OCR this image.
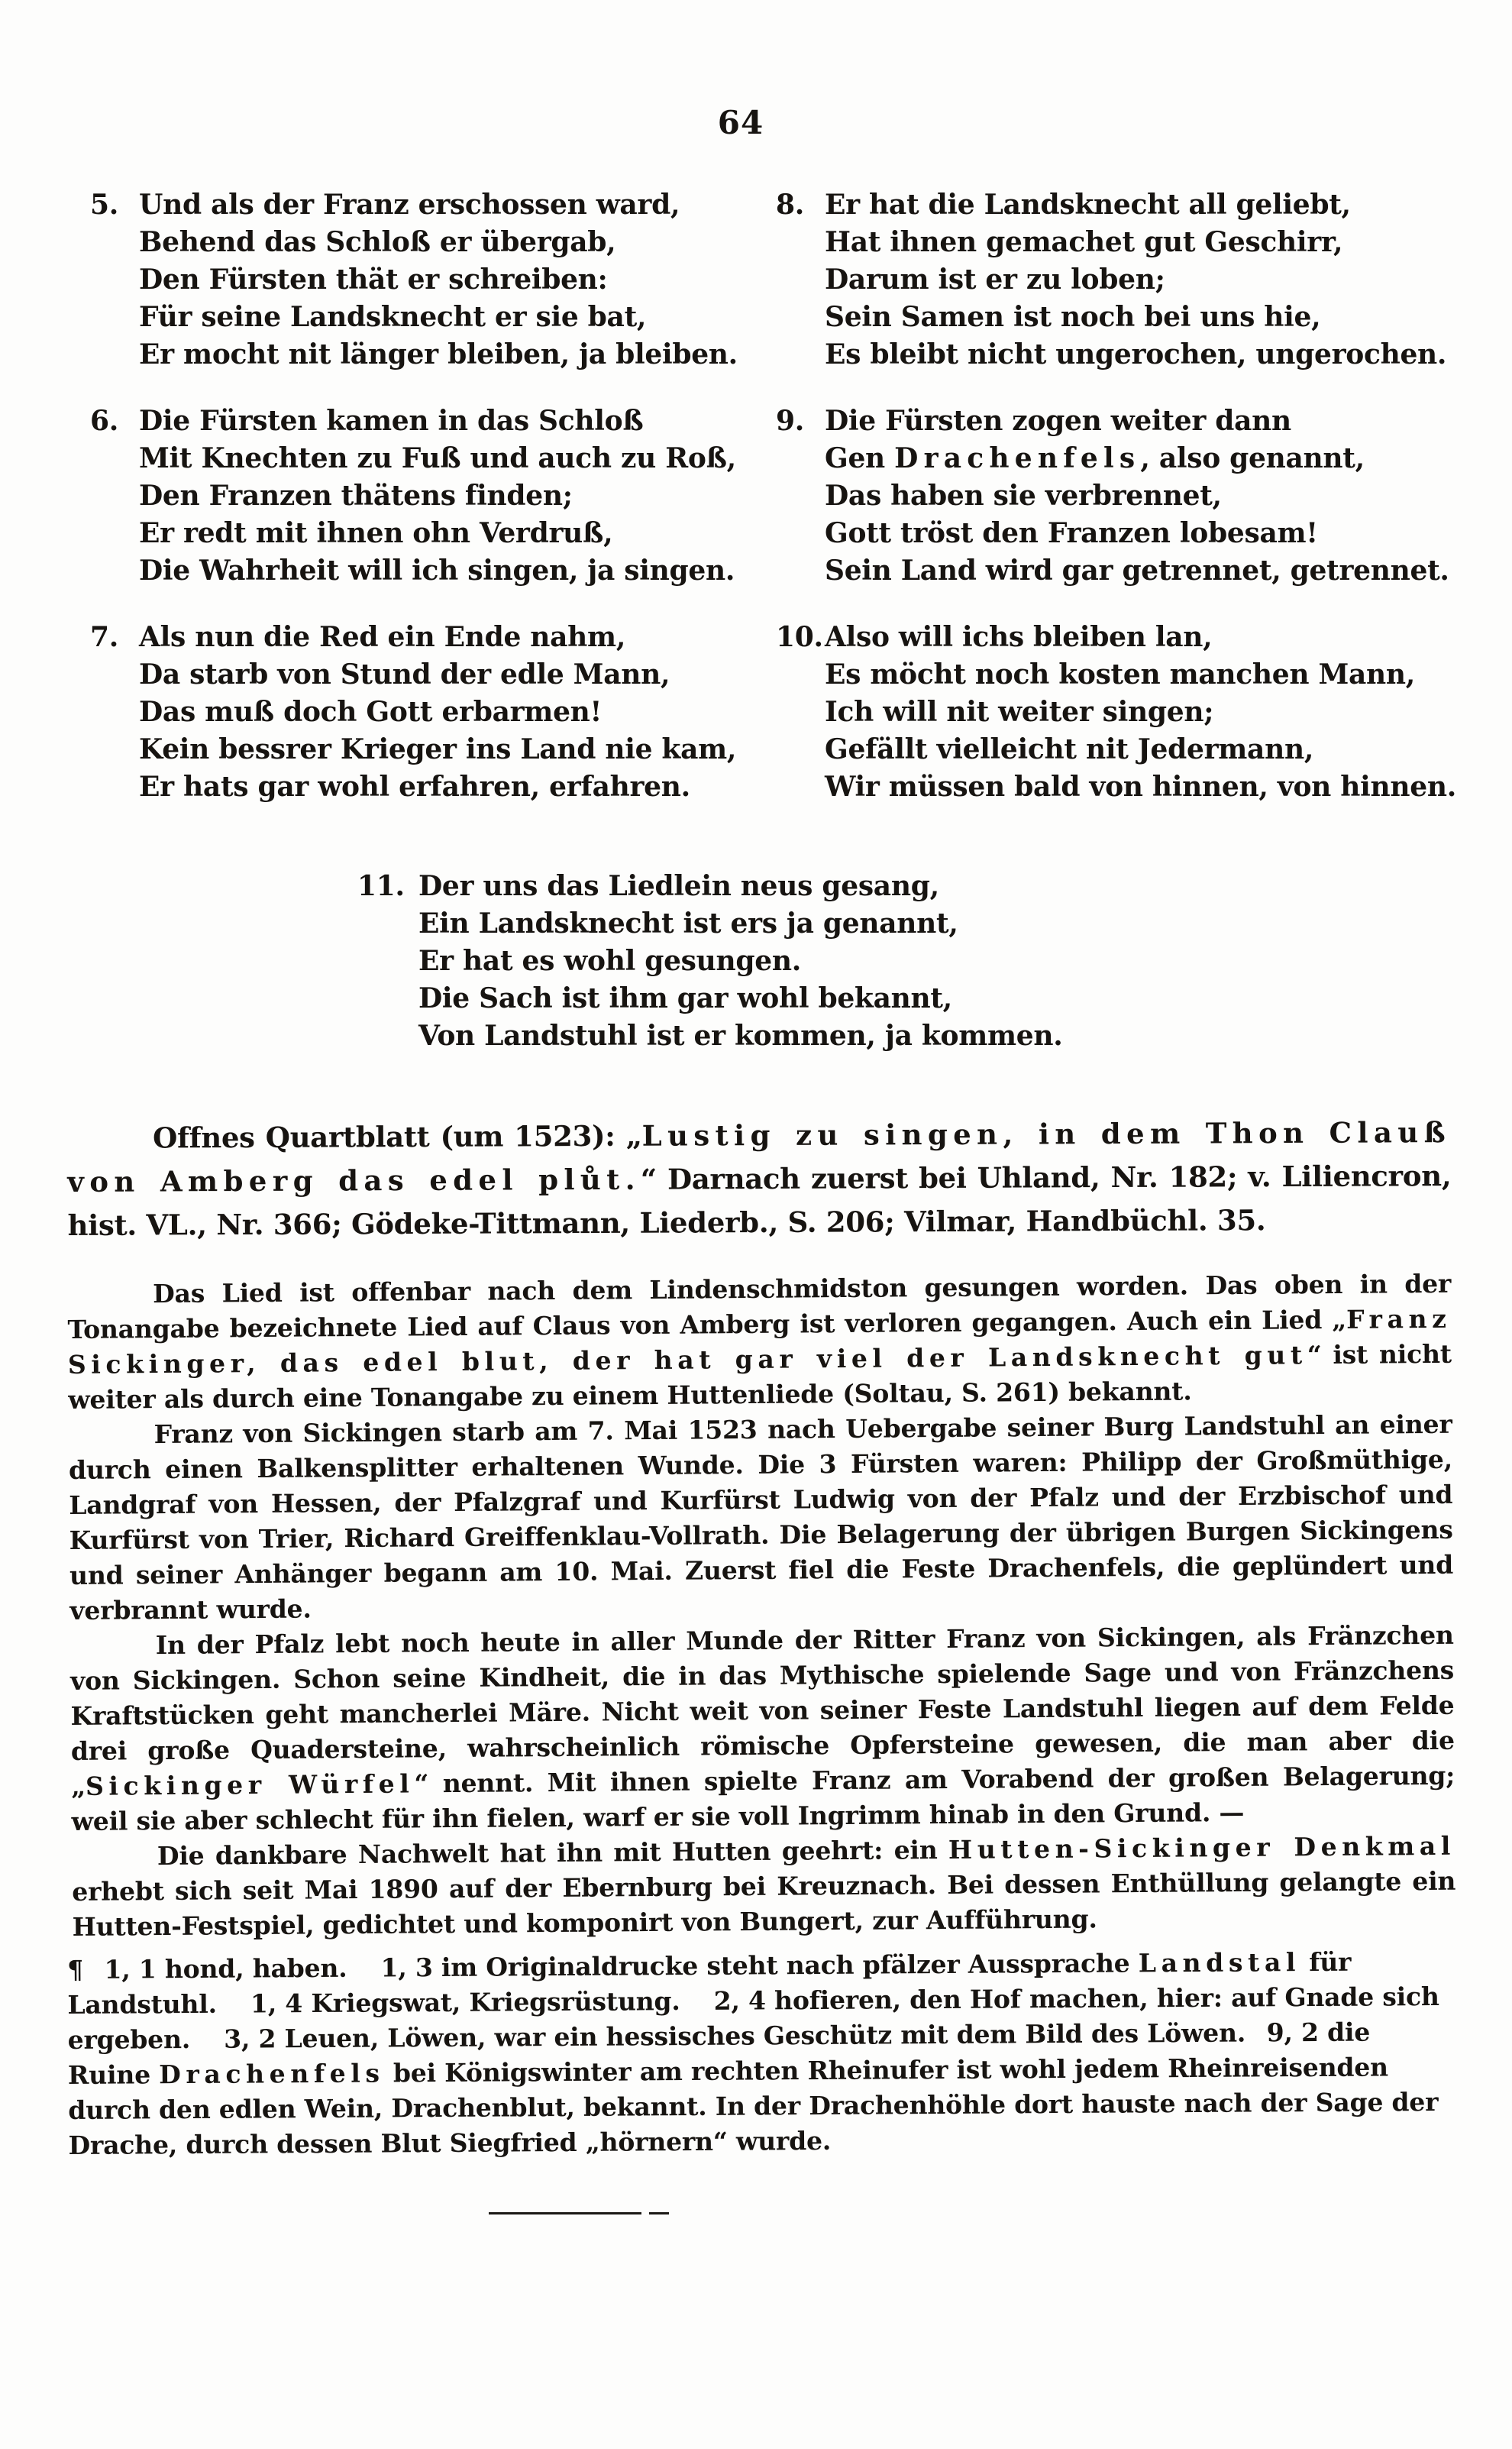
64
5. Und als der Franz erschossen ward,
Behend das Schloß er übergab,
Den Fürsten thät er schreiben:
Für seine Landsknecht er sie bat,
Er mocht nit länger bleiben, ja bleiben.
6. Die Fürsten kamen in das Schloß
Mit Knechten zu Fuß und auch zu Roß,
Den Franzen thätens finden;
Er redt mit ihnen ohn Verdruß,
Die Wahrheit will ich singen, ja singen.
7. Als nun die Red ein Ende nahm,
Da starb von Stund der edle Mann,
Das muß doch Gott erbarmen!
Kein bessrer Krieger ins Land nie kam,
Er hats gar wohl erfahren, erfahren.
8. Er hat die Landsknecht all geliebt,
Hat ihnen gemachet gut Geschirr,
Darum ist er zu loben;
Sein Samen ist noch bei uns hie,
Es bleibt nicht ungerochen, ungerochen.
9. Die Fürsten zogen weiter dann
Gen Drachenfels, also genannt,
Das haben sie verbrennet,
Gott tröst den Franzen lobesam!
Sein Land wird gar getrennet, getrennet.
10. Also will ichs bleiben lan,
Es möcht noch kosten manchen Mann,
Ich will nit weiter singen;
Gefällt vielleicht nit Jedermann,
Wir müssen bald von hinnen, von hinnen.
11. Der uns das Liedlein neus gesang,
Ein Landsknecht ist ers ja genannt,
Er hat es wohl gesungen.
Die Sach ist ihm gar wohl bekannt,
Von Landstuhl ist er kommen, ja kommen.
Offnes Quartblatt (um 1523): „Lustig zu singen, in dem Thon Clauß von Amberg das edel plůt.“ Darnach zuerst bei Uhland, Nr. 182; v. Liliencron, hist. VL., Nr. 366; Gödeke-Tittmann, Liederb., S. 206; Vilmar, Handbüchl. 35.
Das Lied ist offenbar nach dem Lindenschmidston gesungen worden. Das oben in der Tonangabe bezeichnete Lied auf Claus von Amberg ist verloren gegangen. Auch ein Lied „Franz Sickinger, das edel blut, der hat gar viel der Landsknecht gut“ ist nicht weiter als durch eine Tonangabe zu einem Huttenliede (Soltau, S. 261) bekannt.
Franz von Sickingen starb am 7. Mai 1523 nach Uebergabe seiner Burg Landstuhl an einer durch einen Balkensplitter erhaltenen Wunde. Die 3 Fürsten waren: Philipp der Großmüthige, Landgraf von Hessen, der Pfalzgraf und Kurfürst Ludwig von der Pfalz und der Erzbischof und Kurfürst von Trier, Richard Greiffenklau-Vollrath. Die Belagerung der übrigen Burgen Sickingens und seiner Anhänger begann am 10. Mai. Zuerst fiel die Feste Drachenfels, die geplündert und verbrannt wurde.
In der Pfalz lebt noch heute in aller Munde der Ritter Franz von Sickingen, als Fränzchen von Sickingen. Schon seine Kindheit, die in das Mythische spielende Sage und von Fränzchens Kraftstücken geht mancherlei Märe. Nicht weit von seiner Feste Landstuhl liegen auf dem Felde drei große Quadersteine, wahrscheinlich römische Opfersteine gewesen, die man aber die „Sickinger Würfel“ nennt. Mit ihnen spielte Franz am Vorabend der großen Belagerung; weil sie aber schlecht für ihn fielen, warf er sie voll Ingrimm hinab in den Grund. —
Die dankbare Nachwelt hat ihn mit Hutten geehrt: ein Hutten-Sickinger Denkmal erhebt sich seit Mai 1890 auf der Ebernburg bei Kreuznach. Bei dessen Enthüllung gelangte ein Hutten-Festspiel, gedichtet und komponirt von Bungert, zur Aufführung.
¶  1, 1 hond, haben.  1, 3 im Originaldrucke steht nach pfälzer Aussprache Landstal für Landstuhl.  1, 4 Kriegswat, Kriegsrüstung.  2, 4 hofieren, den Hof machen, hier: auf Gnade sich ergeben.  3, 2 Leuen, Löwen, war ein hessisches Geschütz mit dem Bild des Löwen.  9, 2 die Ruine Drachenfels bei Königswinter am rechten Rheinufer ist wohl jedem Rheinreisenden durch den edlen Wein, Drachenblut, bekannt. In der Drachenhöhle dort hauste nach der Sage der Drache, durch dessen Blut Siegfried „hörnern“ wurde.
